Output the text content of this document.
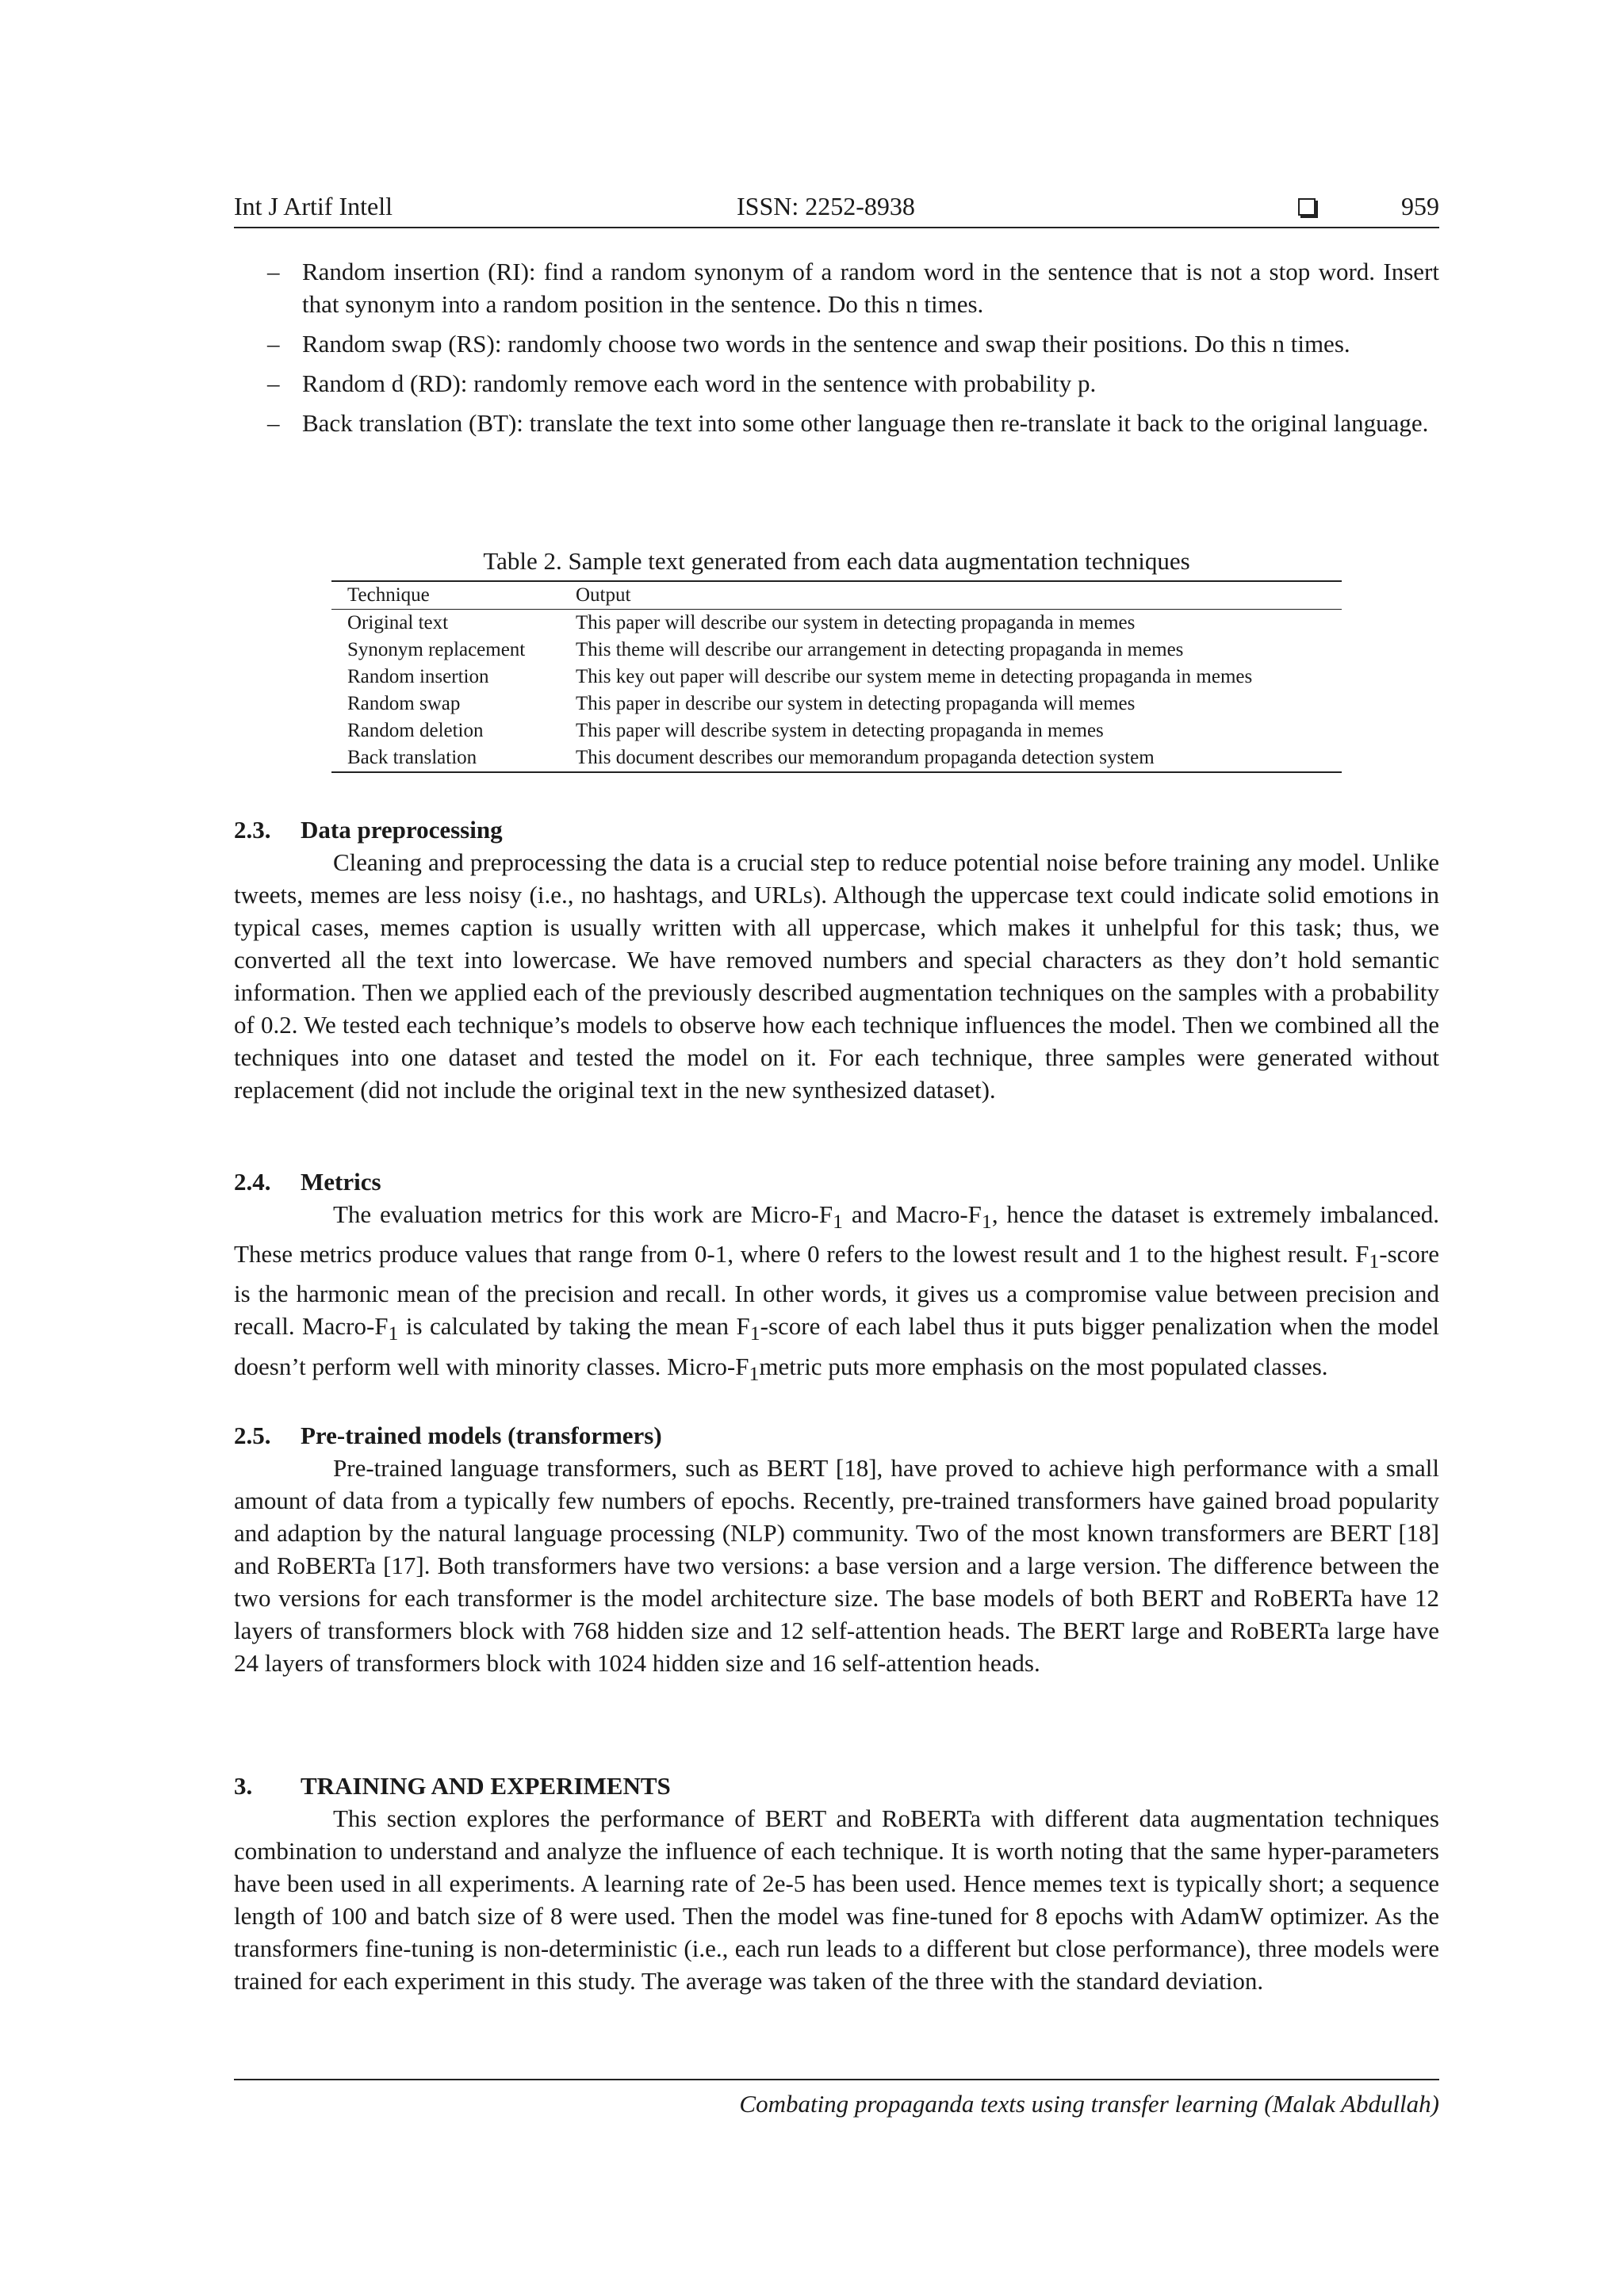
Int J Artif Intell	ISSN: 2252-8938	959
– Random insertion (RI): find a random synonym of a random word in the sentence that is not a stop word. Insert that synonym into a random position in the sentence. Do this n times.
– Random swap (RS): randomly choose two words in the sentence and swap their positions. Do this n times.
– Random d (RD): randomly remove each word in the sentence with probability p.
– Back translation (BT): translate the text into some other language then re-translate it back to the original language.
Table 2. Sample text generated from each data augmentation techniques
Technique	Output
Original text	This paper will describe our system in detecting propaganda in memes
Synonym replacement	This theme will describe our arrangement in detecting propaganda in memes
Random insertion	This key out paper will describe our system meme in detecting propaganda in memes
Random swap	This paper in describe our system in detecting propaganda will memes
Random deletion	This paper will describe system in detecting propaganda in memes
Back translation	This document describes our memorandum propaganda detection system
2.3. Data preprocessing

Cleaning and preprocessing the data is a crucial step to reduce potential noise before training any model. Unlike tweets, memes are less noisy (i.e., no hashtags, and URLs). Although the uppercase text could indicate solid emotions in typical cases, memes caption is usually written with all uppercase, which makes it unhelpful for this task; thus, we converted all the text into lowercase. We have removed numbers and special characters as they don’t hold semantic information. Then we applied each of the previously described augmentation techniques on the samples with a probability of 0.2. We tested each technique’s models to observe how each technique influences the model. Then we combined all the techniques into one dataset and tested the model on it. For each technique, three samples were generated without replacement (did not include the original text in the new synthesized dataset).

2.4. Metrics

The evaluation metrics for this work are Micro-$F_1$ and Macro-$F_1$, hence the dataset is extremely imbalanced. These metrics produce values that range from 0-1, where 0 refers to the lowest result and 1 to the highest result. $F_1$-score is the harmonic mean of the precision and recall. In other words, it gives us a compromise value between precision and recall. Macro-$F_1$ is calculated by taking the mean $F_1$-score of each label thus it puts bigger penalization when the model doesn’t perform well with minority classes. Micro-$F_1metric$ puts more emphasis on the most populated classes.

2.5. Pre-trained models (transformers)

Pre-trained language transformers, such as BERT [18], have proved to achieve high performance with a small amount of data from a typically few numbers of epochs. Recently, pre-trained transformers have gained broad popularity and adaption by the natural language processing (NLP) community. Two of the most known transformers are BERT [18] and RoBERTa [17]. Both transformers have two versions: a base version and a large version. The difference between the two versions for each transformer is the model architecture size. The base models of both BERT and RoBERTa have 12 layers of transformers block with 768 hidden size and 12 self-attention heads. The BERT large and RoBERTa large have 24 layers of transformers block with 1024 hidden size and 16 self-attention heads.

3. TRAINING AND EXPERIMENTS

This section explores the performance of BERT and RoBERTa with different data augmentation techniques combination to understand and analyze the influence of each technique. It is worth noting that the same hyper-parameters have been used in all experiments. A learning rate of 2e-5 has been used. Hence memes text is typically short; a sequence length of 100 and batch size of 8 were used. Then the model was fine-tuned for 8 epochs with AdamW optimizer. As the transformers fine-tuning is non-deterministic (i.e., each run leads to a different but close performance), three models were trained for each experiment in this study. The average was taken of the three with the standard deviation.

Combating propaganda texts using transfer learning (Malak Abdullah)
